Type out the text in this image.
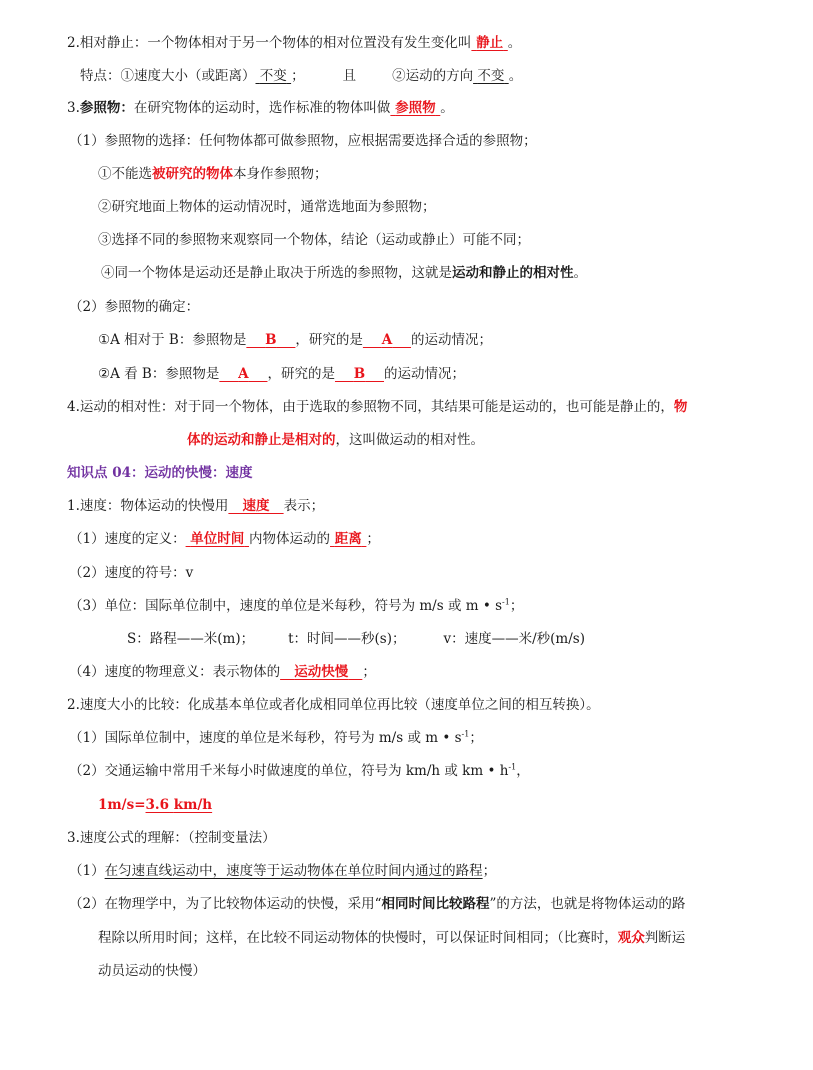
2.相对静止：一个物体相对于另一个物体的相对位置没有发生变化叫 静止 。
特点：①速度大小（或距离） 不变 ；	且	②运动的方向 不变 。
3.参照物：在研究物体的运动时，选作标准的物体叫做 参照物 。
（1）参照物的选择：任何物体都可做参照物，应根据需要选择合适的参照物；
①不能选被研究的物体本身作参照物；
②研究地面上物体的运动情况时，通常选地面为参照物；
③选择不同的参照物来观察同一个物体，结论（运动或静止）可能不同；
④同一个物体是运动还是静止取决于所选的参照物，这就是运动和静止的相对性。
（2）参照物的确定：
①A 相对于 B：参照物是 B ，研究的是 A 的运动情况；
②A 看 B：参照物是 A ，研究的是 B 的运动情况；
4.运动的相对性：对于同一个物体，由于选取的参照物不同，其结果可能是运动的，也可能是静止的，物
体的运动和静止是相对的，这叫做运动的相对性。
知识点 04：运动的快慢：速度
1.速度：物体运动的快慢用 速度 表示；
（1）速度的定义： 单位时间 内物体运动的 距离 ；
（2）速度的符号：v
（3）单位：国际单位制中，速度的单位是米每秒，符号为 m/s 或 m • $s^{-1}$；
S：路程——米(m)；	t：时间——秒(s)；	v：速度——米/秒(m/s)
（4）速度的物理意义：表示物体的 运动快慢 ；
2.速度大小的比较：化成基本单位或者化成相同单位再比较（速度单位之间的相互转换）。
（1）国际单位制中，速度的单位是米每秒，符号为 m/s 或 m • $s^{-1}$；
（2）交通运输中常用千米每小时做速度的单位，符号为 km/h 或 km • $h^{-1}$，
1m/s=3.6 km/h
3.速度公式的理解：（控制变量法）
（1）在匀速直线运动中，速度等于运动物体在单位时间内通过的路程；
（2）在物理学中，为了比较物体运动的快慢，采用“相同时间比较路程”的方法，也就是将物体运动的路
程除以所用时间；这样，在比较不同运动物体的快慢时，可以保证时间相同；（比赛时，观众判断运
动员运动的快慢）
